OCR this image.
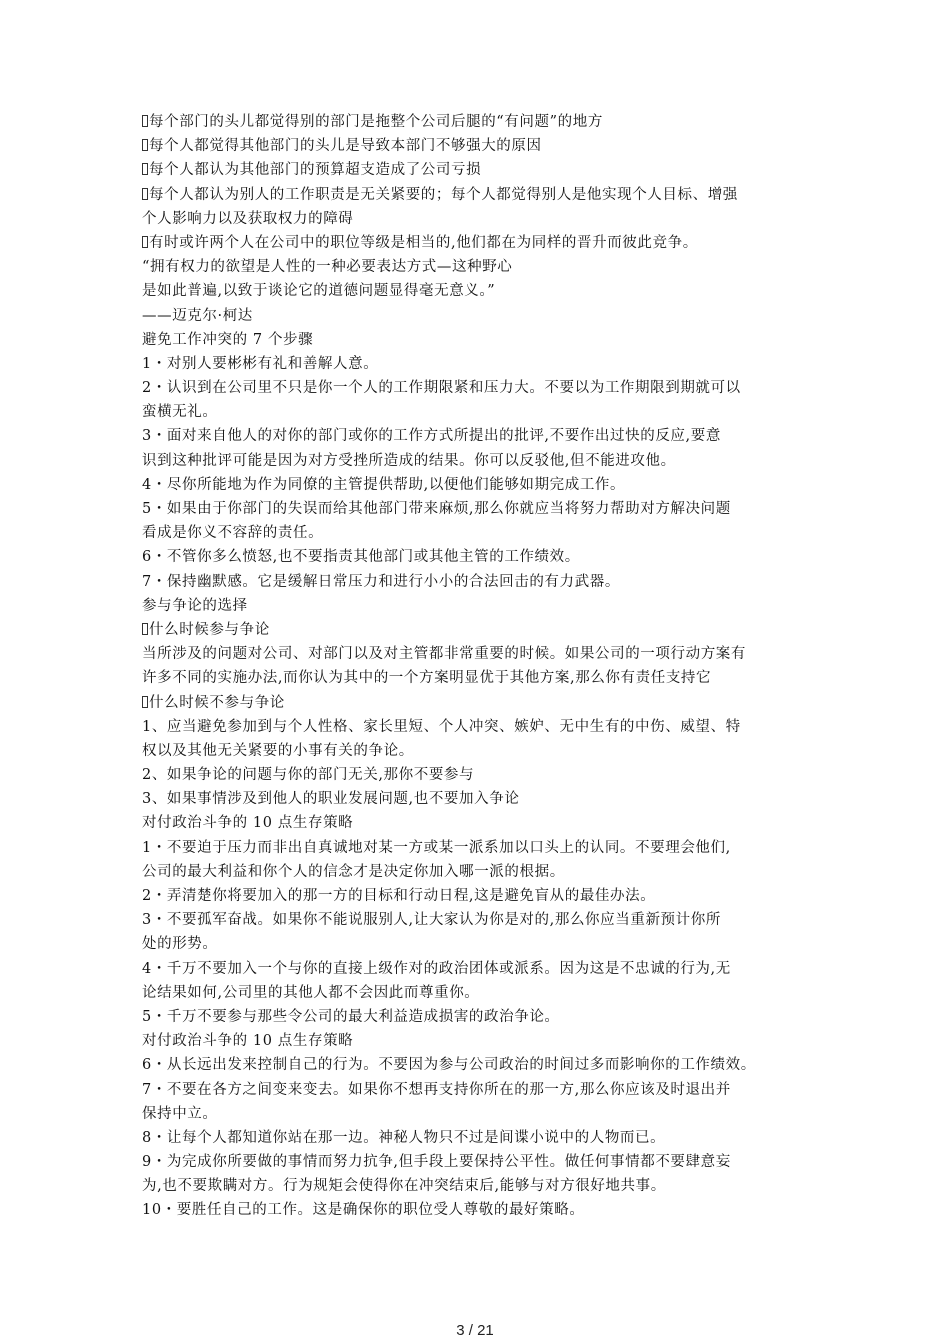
每个部门的头儿都觉得别的部门是拖整个公司后腿的“有问题”的地方
每个人都觉得其他部门的头儿是导致本部门不够强大的原因
每个人都认为其他部门的预算超支造成了公司亏损
每个人都认为别人的工作职责是无关紧要的；每个人都觉得别人是他实现个人目标、增强
个人影响力以及获取权力的障碍
有时或许两个人在公司中的职位等级是相当的,他们都在为同样的晋升而彼此竞争。
“拥有权力的欲望是人性的一种必要表达方式—这种野心
是如此普遍,以致于谈论它的道德问题显得毫无意义。”
——迈克尔·柯达
避免工作冲突的 7 个步骤
1・对别人要彬彬有礼和善解人意。
2・认识到在公司里不只是你一个人的工作期限紧和压力大。不要以为工作期限到期就可以
蛮横无礼。
3・面对来自他人的对你的部门或你的工作方式所提出的批评,不要作出过快的反应,要意
识到这种批评可能是因为对方受挫所造成的结果。你可以反驳他,但不能进攻他。
4・尽你所能地为作为同僚的主管提供帮助,以便他们能够如期完成工作。
5・如果由于你部门的失误而给其他部门带来麻烦,那么你就应当将努力帮助对方解决问题
看成是你义不容辞的责任。
6・不管你多么愤怒,也不要指责其他部门或其他主管的工作绩效。
7・保持幽默感。它是缓解日常压力和进行小小的合法回击的有力武器。
参与争论的选择
什么时候参与争论
当所涉及的问题对公司、对部门以及对主管都非常重要的时候。如果公司的一项行动方案有
许多不同的实施办法,而你认为其中的一个方案明显优于其他方案,那么你有责任支持它
什么时候不参与争论
1、应当避免参加到与个人性格、家长里短、个人冲突、嫉妒、无中生有的中伤、威望、特
权以及其他无关紧要的小事有关的争论。
2、如果争论的问题与你的部门无关,那你不要参与
3、如果事情涉及到他人的职业发展问题,也不要加入争论
对付政治斗争的 10 点生存策略
1・不要迫于压力而非出自真诚地对某一方或某一派系加以口头上的认同。不要理会他们,
公司的最大利益和你个人的信念才是决定你加入哪一派的根据。
2・弄清楚你将要加入的那一方的目标和行动日程,这是避免盲从的最佳办法。
3・不要孤军奋战。如果你不能说服别人,让大家认为你是对的,那么你应当重新预计你所
处的形势。
4・千万不要加入一个与你的直接上级作对的政治团体或派系。因为这是不忠诚的行为,无
论结果如何,公司里的其他人都不会因此而尊重你。
5・千万不要参与那些令公司的最大利益造成损害的政治争论。
对付政治斗争的 10 点生存策略
6・从长远出发来控制自己的行为。不要因为参与公司政治的时间过多而影响你的工作绩效。
7・不要在各方之间变来变去。如果你不想再支持你所在的那一方,那么你应该及时退出并
保持中立。
8・让每个人都知道你站在那一边。神秘人物只不过是间谍小说中的人物而已。
9・为完成你所要做的事情而努力抗争,但手段上要保持公平性。做任何事情都不要肆意妄
为,也不要欺瞒对方。行为规矩会使得你在冲突结束后,能够与对方很好地共事。
10・要胜任自己的工作。这是确保你的职位受人尊敬的最好策略。
3 / 21
